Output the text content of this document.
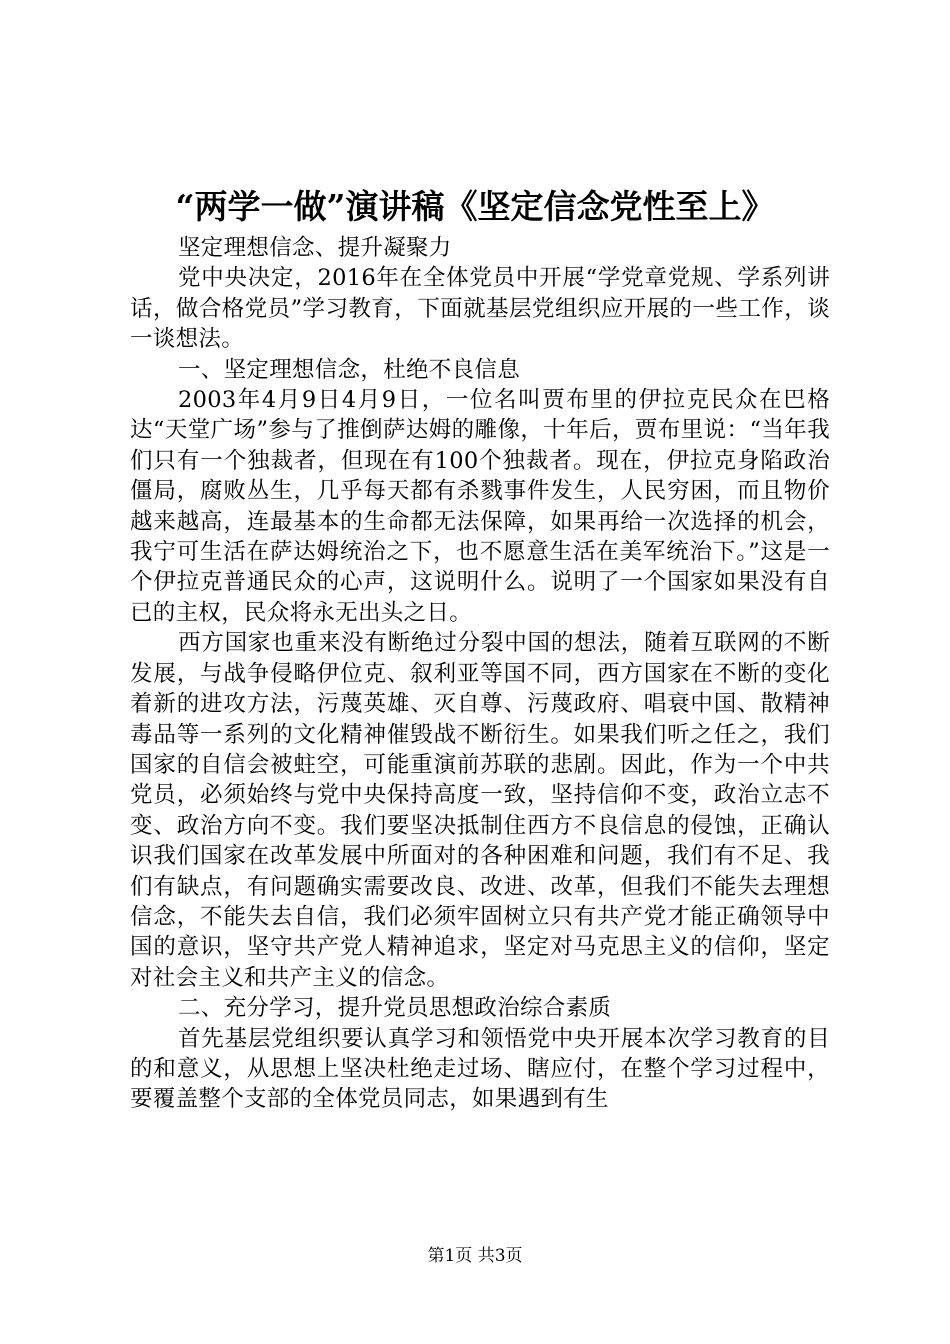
“两学一做”演讲稿《坚定信念党性至上》

坚定理想信念、提升凝聚力

党中央决定，2016年在全体党员中开展“学党章党规、学系列讲话，做合格党员”学习教育，下面就基层党组织应开展的一些工作，谈一谈想法。

一、坚定理想信念，杜绝不良信息

2003年4月9日4月9日，一位名叫贾布里的伊拉克民众在巴格达“天堂广场”参与了推倒萨达姆的雕像，十年后，贾布里说：“当年我们只有一个独裁者，但现在有100个独裁者。现在，伊拉克身陷政治僵局，腐败丛生，几乎每天都有杀戮事件发生，人民穷困，而且物价越来越高，连最基本的生命都无法保障，如果再给一次选择的机会，我宁可生活在萨达姆统治之下，也不愿意生活在美军统治下。”这是一个伊拉克普通民众的心声，这说明什么。说明了一个国家如果没有自已的主权，民众将永无出头之日。

西方国家也重来没有断绝过分裂中国的想法，随着互联网的不断发展，与战争侵略伊位克、叙利亚等国不同，西方国家在不断的变化着新的进攻方法，污蔑英雄、灭自尊、污蔑政府、唱衰中国、散精神毒品等一系列的文化精神催毁战不断衍生。如果我们听之任之，我们国家的自信会被蛀空，可能重演前苏联的悲剧。因此，作为一个中共党员，必须始终与党中央保持高度一致，坚持信仰不变，政治立志不变、政治方向不变。我们要坚决抵制住西方不良信息的侵蚀，正确认识我们国家在改革发展中所面对的各种困难和问题，我们有不足、我们有缺点，有问题确实需要改良、改进、改革，但我们不能失去理想信念，不能失去自信，我们必须牢固树立只有共产党才能正确领导中国的意识，坚守共产党人精神追求，坚定对马克思主义的信仰，坚定对社会主义和共产主义的信念。

二、充分学习，提升党员思想政治综合素质

首先基层党组织要认真学习和领悟党中央开展本次学习教育的目的和意义，从思想上坚决杜绝走过场、瞎应付，在整个学习过程中，要覆盖整个支部的全体党员同志，如果遇到有生

第1页 共3页
